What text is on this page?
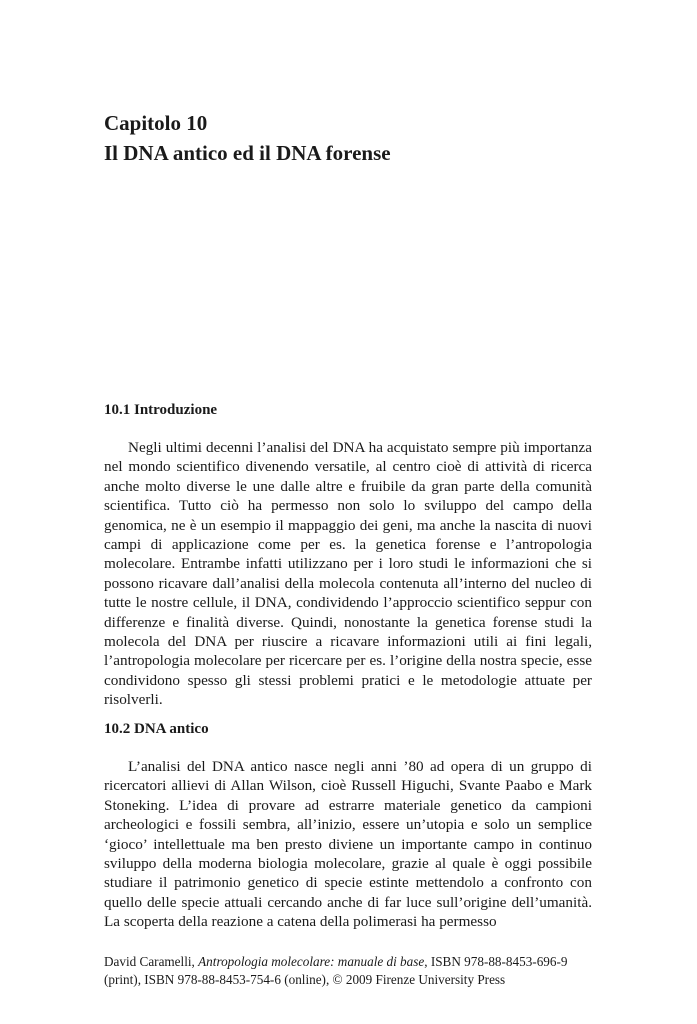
Capitolo 10
Il DNA antico ed il DNA forense
10.1 Introduzione

Negli ultimi decenni l’analisi del DNA ha acquistato sempre più importanza nel mondo scientifico divenendo versatile, al centro cioè di attività di ricerca anche molto diverse le une dalle altre e fruibile da gran parte della comunità scientifica. Tutto ciò ha permesso non solo lo sviluppo del campo della genomica, ne è un esempio il mappaggio dei geni, ma anche la nascita di nuovi campi di applicazione come per es. la genetica forense e l’antropologia molecolare. Entrambe infatti utilizzano per i loro studi le informazioni che si possono ricavare dall’analisi della molecola contenuta all’interno del nucleo di tutte le nostre cellule, il DNA, condividendo l’approccio scientifico seppur con differenze e finalità diverse. Quindi, nonostante la genetica forense studi la molecola del DNA per riuscire a ricavare informazioni utili ai fini legali, l’antropologia molecolare per ricercare per es. l’origine della nostra specie, esse condividono spesso gli stessi problemi pratici e le metodologie attuate per risolverli.

10.2 DNA antico

L’analisi del DNA antico nasce negli anni ’80 ad opera di un gruppo di ricercatori allievi di Allan Wilson, cioè Russell Higuchi, Svante Paabo e Mark Stoneking. L’idea di provare ad estrarre materiale genetico da campioni archeologici e fossili sembra, all’inizio, essere un’utopia e solo un semplice ‘gioco’ intellettuale ma ben presto diviene un importante campo in continuo sviluppo della moderna biologia molecolare, grazie al quale è oggi possibile studiare il patrimonio genetico di specie estinte mettendolo a confronto con quello delle specie attuali cercando anche di far luce sull’origine dell’umanità. La scoperta della reazione a catena della polimerasi ha permesso

David Caramelli, Antropologia molecolare: manuale di base, ISBN 978-88-8453-696-9 (print), ISBN 978-88-8453-754-6 (online), © 2009 Firenze University Press
